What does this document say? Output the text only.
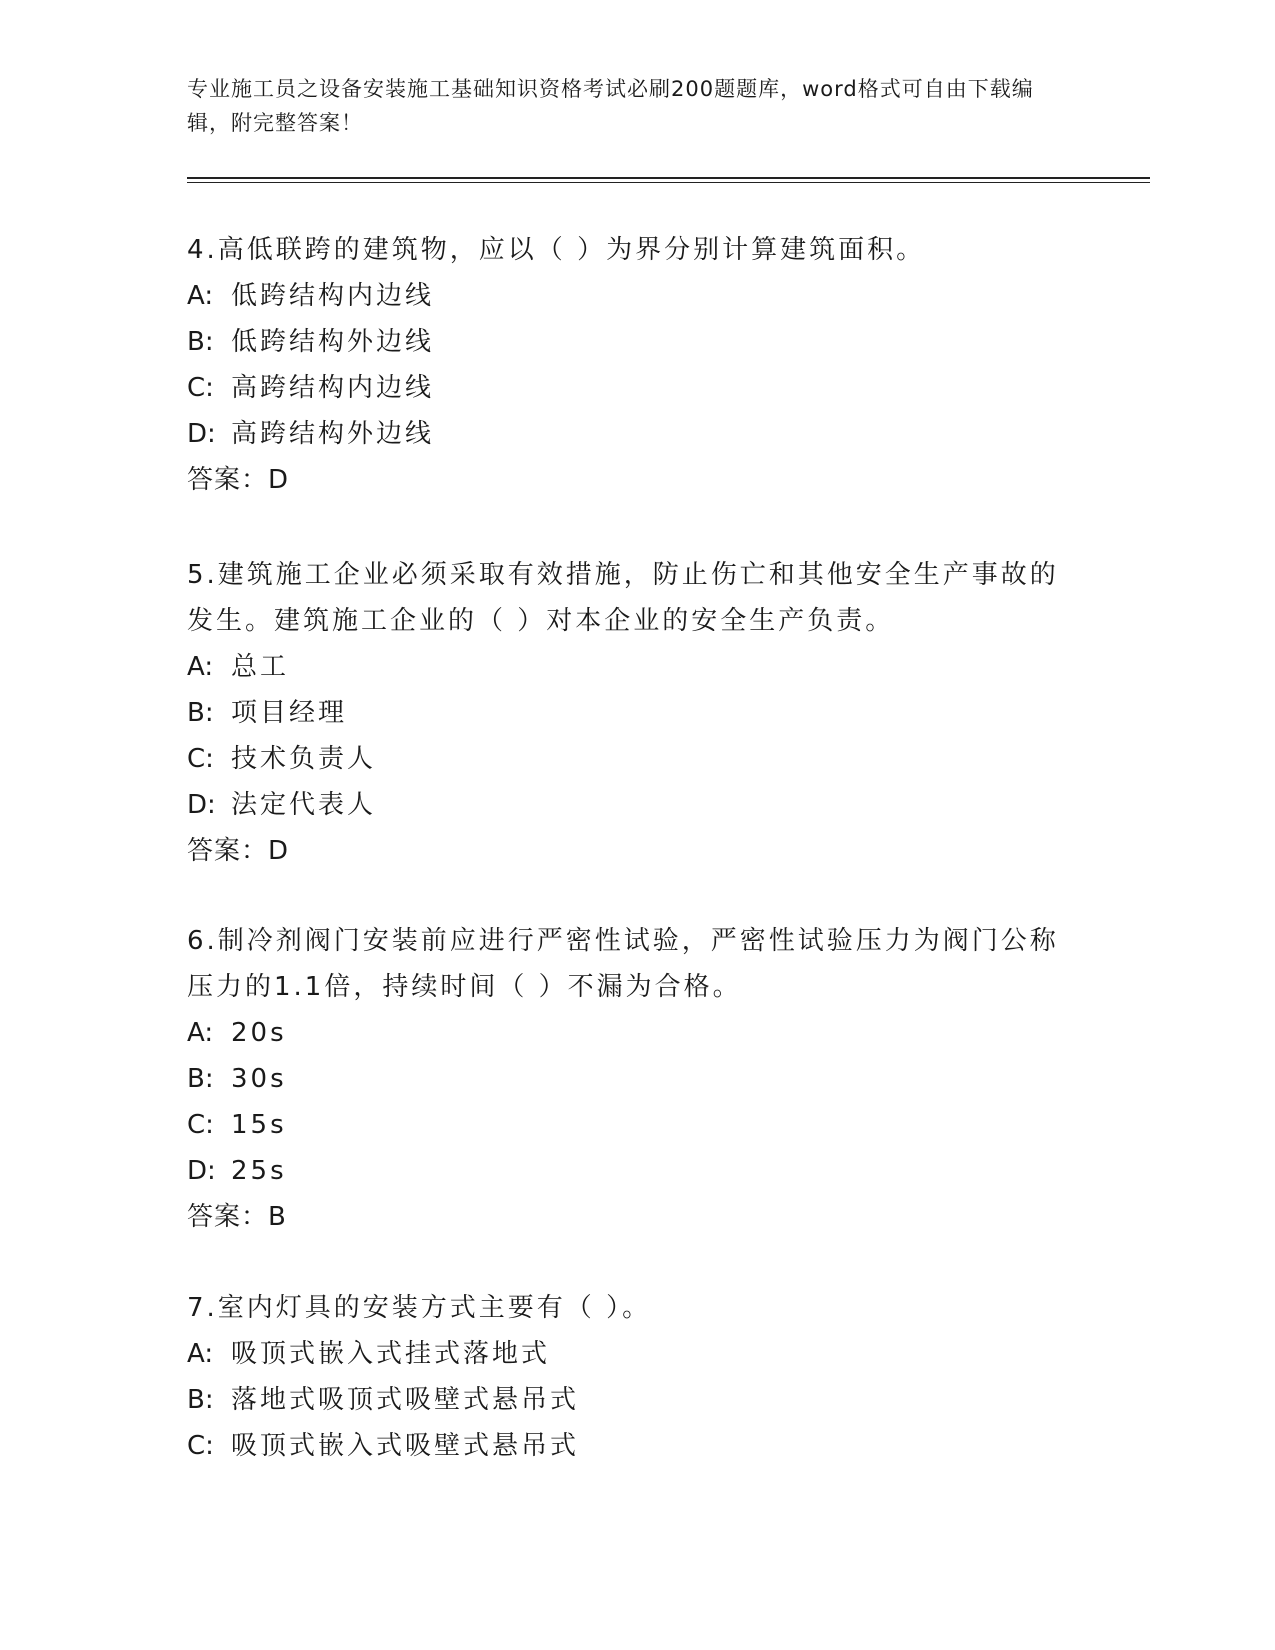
专业施工员之设备安装施工基础知识资格考试必刷200题题库，word格式可自由下载编辑，附完整答案！

4.高低联跨的建筑物，应以（ ）为界分别计算建筑面积。

A: 低跨结构内边线
B: 低跨结构外边线
C: 高跨结构内边线
D: 高跨结构外边线
答案：D

5.建筑施工企业必须采取有效措施，防止伤亡和其他安全生产事故的发生。建筑施工企业的（ ）对本企业的安全生产负责。

A: 总工
B: 项目经理
C: 技术负责人
D: 法定代表人
答案：D

6.制冷剂阀门安装前应进行严密性试验，严密性试验压力为阀门公称压力的1.1倍，持续时间（ ）不漏为合格。

A: 20s
B: 30s
C: 15s
D: 25s
答案：B

7.室内灯具的安装方式主要有（ ）。

A: 吸顶式嵌入式挂式落地式
B: 落地式吸顶式吸壁式悬吊式
C: 吸顶式嵌入式吸壁式悬吊式
